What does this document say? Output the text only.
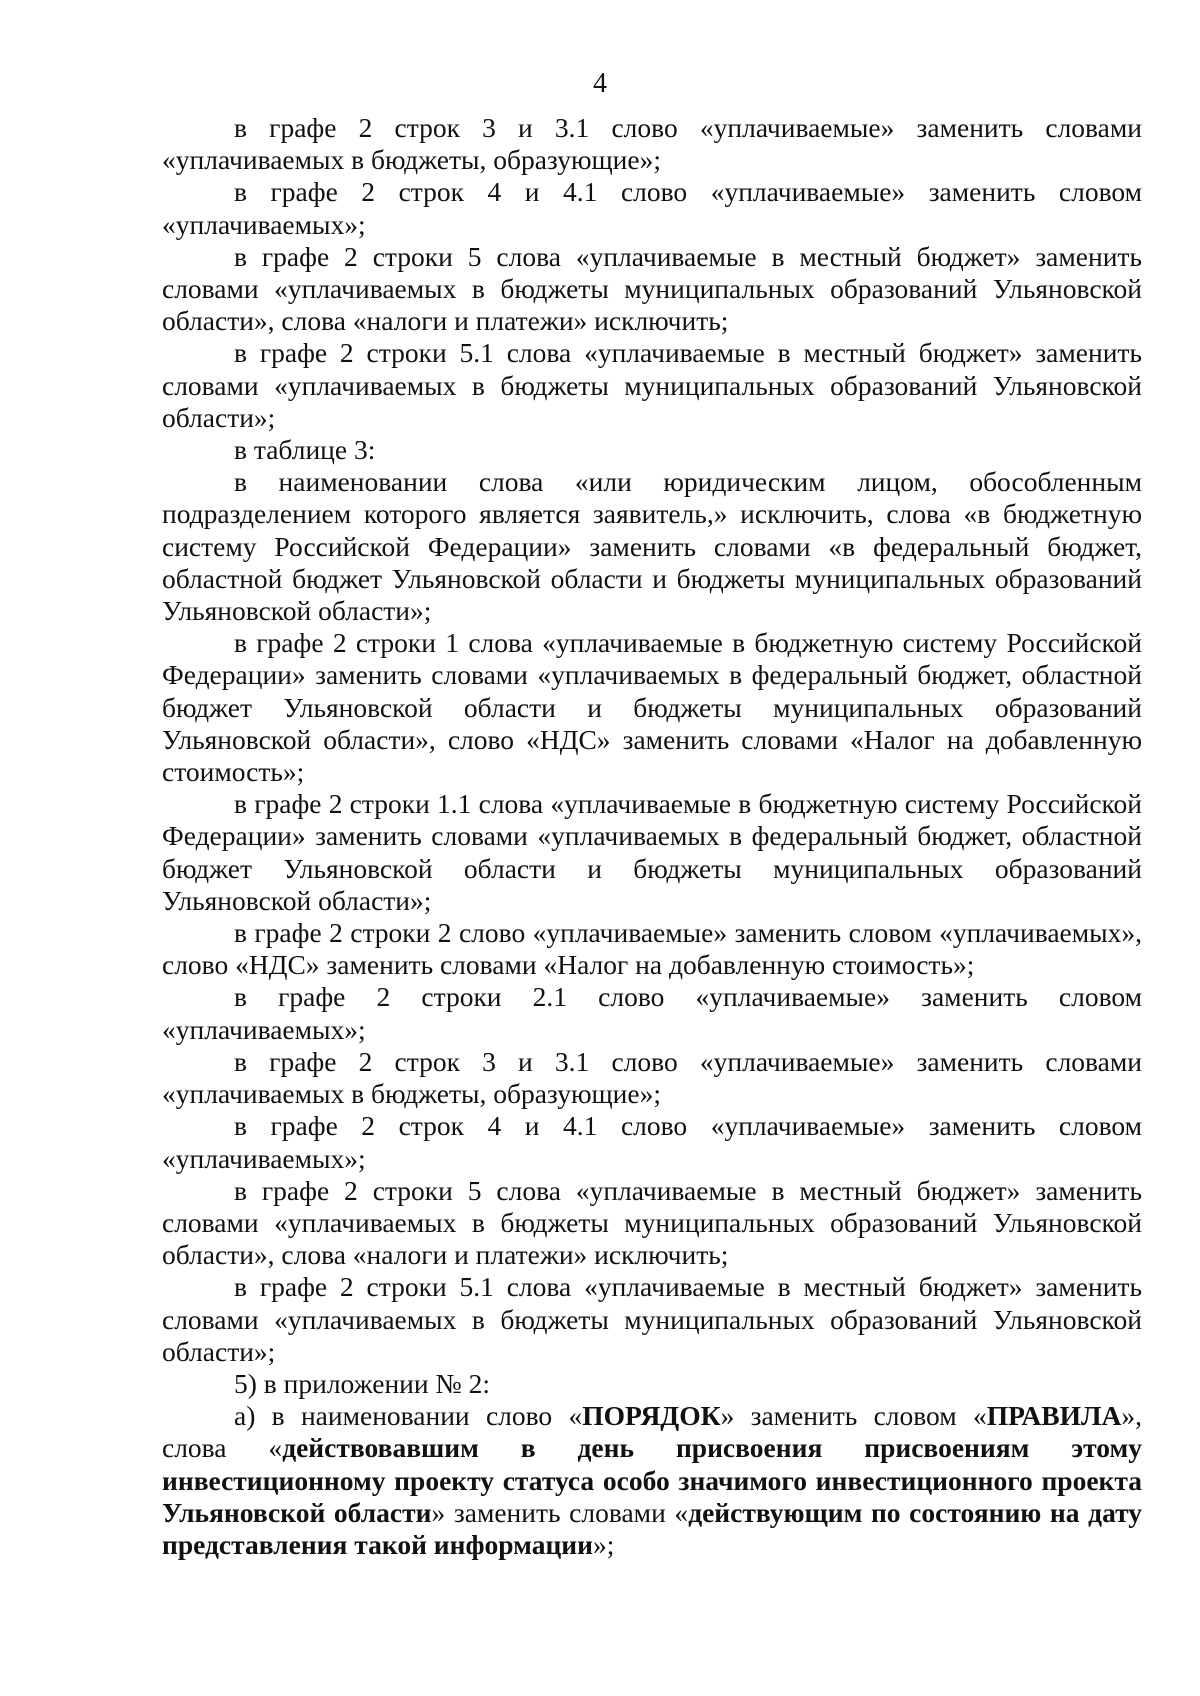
4

в графе 2 строк 3 и 3.1 слово «уплачиваемые» заменить словами «уплачиваемых в бюджеты, образующие»;

в графе 2 строк 4 и 4.1 слово «уплачиваемые» заменить словом «уплачиваемых»;

в графе 2 строки 5 слова «уплачиваемые в местный бюджет» заменить словами «уплачиваемых в бюджеты муниципальных образований Ульяновской области», слова «налоги и платежи» исключить;

в графе 2 строки 5.1 слова «уплачиваемые в местный бюджет» заменить словами «уплачиваемых в бюджеты муниципальных образований Ульяновской области»;

в таблице 3:

в наименовании слова «или юридическим лицом, обособленным подразделением которого является заявитель,» исключить, слова «в бюджетную систему Российской Федерации» заменить словами «в федеральный бюджет, областной бюджет Ульяновской области и бюджеты муниципальных образований Ульяновской области»;

в графе 2 строки 1 слова «уплачиваемые в бюджетную систему Российской Федерации» заменить словами «уплачиваемых в федеральный бюджет, областной бюджет Ульяновской области и бюджеты муниципальных образований Ульяновской области», слово «НДС» заменить словами «Налог на добавленную стоимость»;

в графе 2 строки 1.1 слова «уплачиваемые в бюджетную систему Российской Федерации» заменить словами «уплачиваемых в федеральный бюджет, областной бюджет Ульяновской области и бюджеты муниципальных образований Ульяновской области»;

в графе 2 строки 2 слово «уплачиваемые» заменить словом «уплачиваемых», слово «НДС» заменить словами «Налог на добавленную стоимость»;

в графе 2 строки 2.1 слово «уплачиваемые» заменить словом «уплачиваемых»;

в графе 2 строк 3 и 3.1 слово «уплачиваемые» заменить словами «уплачиваемых в бюджеты, образующие»;

в графе 2 строк 4 и 4.1 слово «уплачиваемые» заменить словом «уплачиваемых»;

в графе 2 строки 5 слова «уплачиваемые в местный бюджет» заменить словами «уплачиваемых в бюджеты муниципальных образований Ульяновской области», слова «налоги и платежи» исключить;

в графе 2 строки 5.1 слова «уплачиваемые в местный бюджет» заменить словами «уплачиваемых в бюджеты муниципальных образований Ульяновской области»;

5) в приложении № 2:

а) в наименовании слово «ПОРЯДОК» заменить словом «ПРАВИЛА», слова «действовавшим в день присвоения присвоениям этому инвестиционному проекту статуса особо значимого инвестиционного проекта Ульяновской области» заменить словами «действующим по состоянию на дату представления такой информации»;
